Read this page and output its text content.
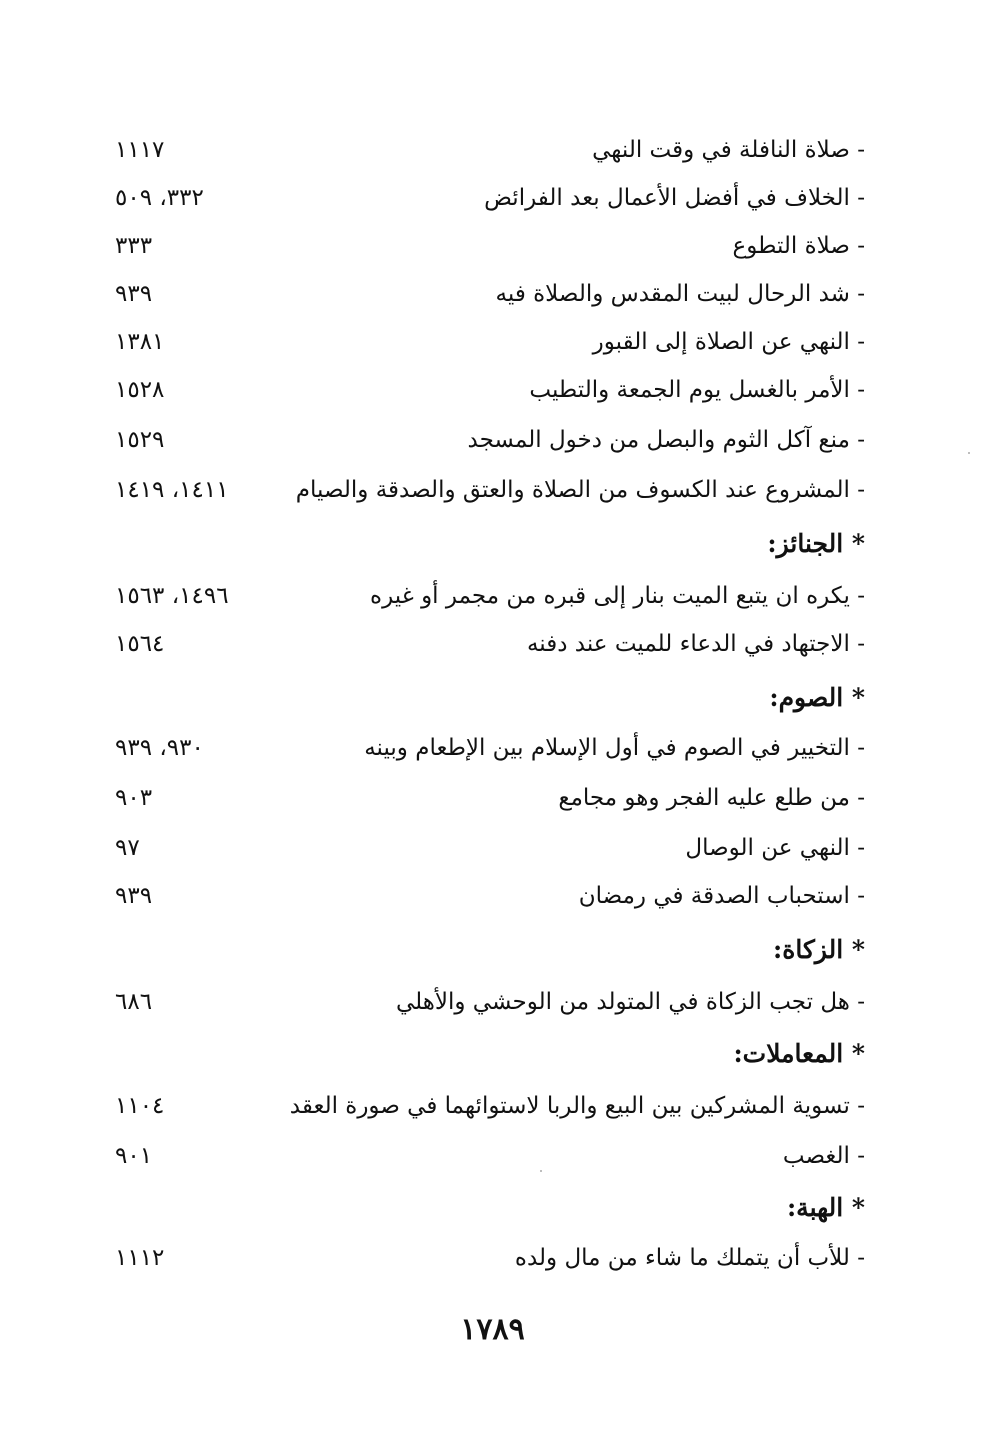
- صلاة النافلة في وقت النهي
١١١٧
- الخلاف في أفضل الأعمال بعد الفرائض
٣٣٢، ٥٠٩
- صلاة التطوع
٣٣٣
- شد الرحال لبيت المقدس والصلاة فيه
٩٣٩
- النهي عن الصلاة إلى القبور
١٣٨١
- الأمر بالغسل يوم الجمعة والتطيب
١٥٢٨
- منع آكل الثوم والبصل من دخول المسجد
١٥٢٩
- المشروع عند الكسوف من الصلاة والعتق والصدقة والصيام
١٤١١، ١٤١٩
* الجنائز:
- يكره ان يتبع الميت بنار إلى قبره من مجمر أو غيره
١٤٩٦، ١٥٦٣
- الاجتهاد في الدعاء للميت عند دفنه
١٥٦٤
* الصوم:
- التخيير في الصوم في أول الإسلام بين الإطعام وبينه
٩٣٠، ٩٣٩
- من طلع عليه الفجر وهو مجامع
٩٠٣
- النهي عن الوصال
٩٧
- استحباب الصدقة في رمضان
٩٣٩
* الزكاة:
- هل تجب الزكاة في المتولد من الوحشي والأهلي
٦٨٦
* المعاملات:
- تسوية المشركين بين البيع والربا لاستوائهما في صورة العقد
١١٠٤
- الغصب
٩٠١
* الهبة:
- للأب أن يتملك ما شاء من مال ولده
١١١٢
١٧٨٩
